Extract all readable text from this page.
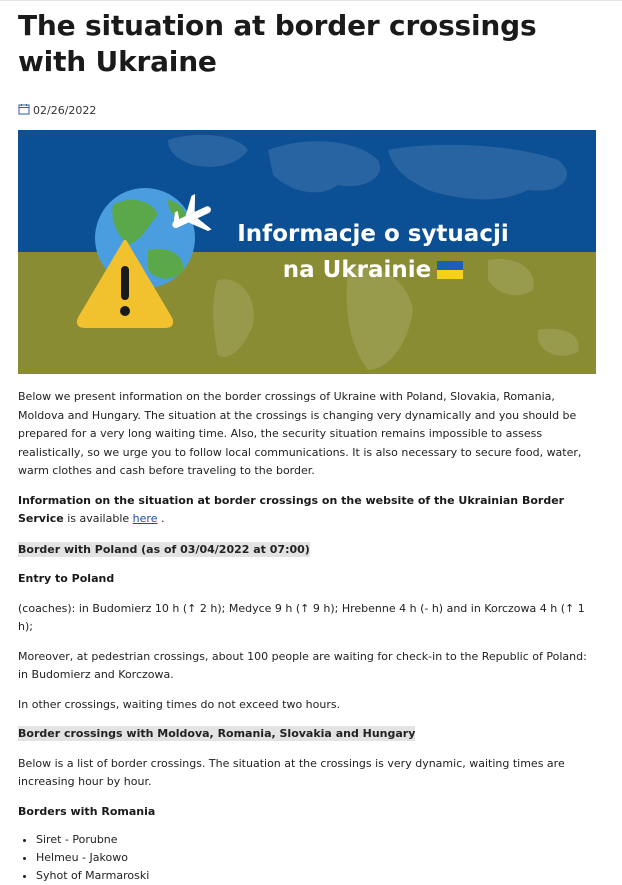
The situation at border crossings with Ukraine
02/26/2022
Informacje o sytuacji
na Ukrainie

Below we present information on the border crossings of Ukraine with Poland, Slovakia, Romania, Moldova and Hungary. The situation at the crossings is changing very dynamically and you should be prepared for a very long waiting time. Also, the security situation remains impossible to assess realistically, so we urge you to follow local communications. It is also necessary to secure food, water, warm clothes and cash before traveling to the border.

Information on the situation at border crossings on the website of the Ukrainian Border Service is available here .

Border with Poland (as of 03/04/2022 at 07:00)

Entry to Poland

(coaches): in Budomierz 10 h (↑ 2 h); Medyce 9 h (↑ 9 h); Hrebenne 4 h (- h) and in Korczowa 4 h (↑ 1 h);

Moreover, at pedestrian crossings, about 100 people are waiting for check-in to the Republic of Poland: in Budomierz and Korczowa.

In other crossings, waiting times do not exceed two hours.

Border crossings with Moldova, Romania, Slovakia and Hungary

Below is a list of border crossings. The situation at the crossings is very dynamic, waiting times are increasing hour by hour.

Borders with Romania

• Siret - Porubne
• Helmeu - Jakowo
• Syhot of Marmaroski
